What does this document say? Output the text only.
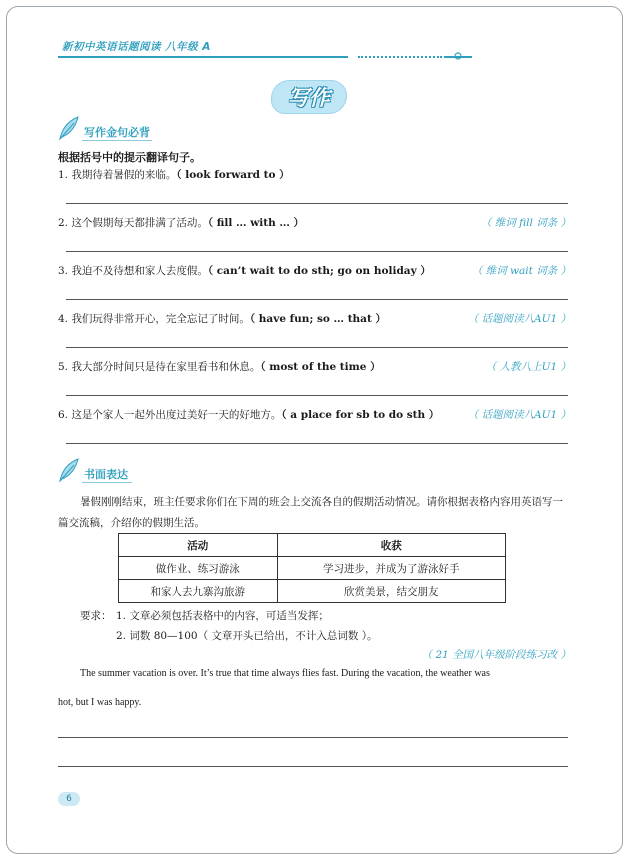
新初中英语话题阅读 八年级 A
写作
写作金句必背
根据括号中的提示翻译句子。
1. 我期待着暑假的来临。（ look forward to ）
2. 这个假期每天都排满了活动。（ fill … with … ）	（ 维词 fill 词条 ）
3. 我迫不及待想和家人去度假。（ can’t wait to do sth; go on holiday ）	（ 维词 wait 词条 ）
4. 我们玩得非常开心，完全忘记了时间。（ have fun; so … that ）	（ 话题阅读八AU1 ）
5. 我大部分时间只是待在家里看书和休息。（ most of the time ）	（ 人教八上U1 ）
6. 这是个家人一起外出度过美好一天的好地方。（ a place for sb to do sth ）	（ 话题阅读八AU1 ）
书面表达
暑假刚刚结束，班主任要求你们在下周的班会上交流各自的假期活动情况。请你根据表格内容用英语写一篇交流稿，介绍你的假期生活。
活动	收获
做作业、练习游泳	学习进步，并成为了游泳好手
和家人去九寨沟旅游	欣赏美景，结交朋友
要求： 1. 文章必须包括表格中的内容，可适当发挥；
2. 词数 80—100（ 文章开头已给出，不计入总词数 ）。
（ 21 全国八年级阶段练习改 ）
The summer vacation is over. It’s true that time always flies fast. During the vacation, the weather was
hot, but I was happy.
6
